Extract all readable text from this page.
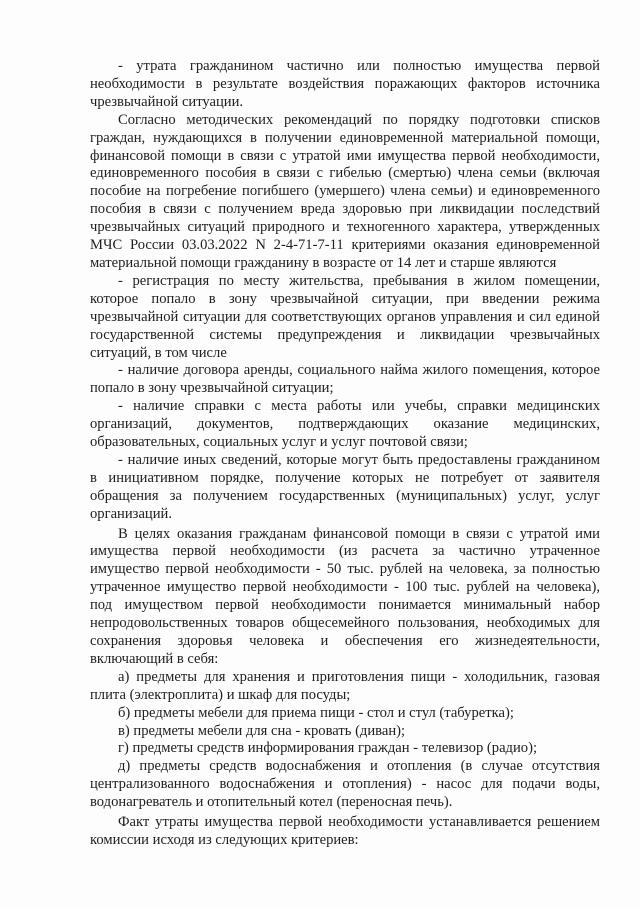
- утрата гражданином частично или полностью имущества первой необходимости в результате воздействия поражающих факторов источника чрезвычайной ситуации.

Согласно методических рекомендаций по порядку подготовки списков граждан, нуждающихся в получении единовременной материальной помощи, финансовой помощи в связи с утратой ими имущества первой необходимости, единовременного пособия в связи с гибелью (смертью) члена семьи (включая пособие на погребение погибшего (умершего) члена семьи) и единовременного пособия в связи с получением вреда здоровью при ликвидации последствий чрезвычайных ситуаций природного и техногенного характера, утвержденных МЧС России 03.03.2022 N 2-4-71-7-11 критериями оказания единовременной материальной помощи гражданину в возрасте от 14 лет и старше являются

- регистрация по месту жительства, пребывания в жилом помещении, которое попало в зону чрезвычайной ситуации, при введении режима чрезвычайной ситуации для соответствующих органов управления и сил единой государственной системы предупреждения и ликвидации чрезвычайных ситуаций, в том числе

- наличие договора аренды, социального найма жилого помещения, которое попало в зону чрезвычайной ситуации;

- наличие справки с места работы или учебы, справки медицинских организаций, документов, подтверждающих оказание медицинских, образовательных, социальных услуг и услуг почтовой связи;

- наличие иных сведений, которые могут быть предоставлены гражданином в инициативном порядке, получение которых не потребует от заявителя обращения за получением государственных (муниципальных) услуг, услуг организаций.

В целях оказания гражданам финансовой помощи в связи с утратой ими имущества первой необходимости (из расчета за частично утраченное имущество первой необходимости - 50 тыс. рублей на человека, за полностью утраченное имущество первой необходимости - 100 тыс. рублей на человека), под имуществом первой необходимости понимается минимальный набор непродовольственных товаров общесемейного пользования, необходимых для сохранения здоровья человека и обеспечения его жизнедеятельности, включающий в себя:

а) предметы для хранения и приготовления пищи - холодильник, газовая плита (электроплита) и шкаф для посуды;

б) предметы мебели для приема пищи - стол и стул (табуретка);

в) предметы мебели для сна - кровать (диван);

г) предметы средств информирования граждан - телевизор (радио);

д) предметы средств водоснабжения и отопления (в случае отсутствия централизованного водоснабжения и отопления) - насос для подачи воды, водонагреватель и отопительный котел (переносная печь).

Факт утраты имущества первой необходимости устанавливается решением комиссии исходя из следующих критериев:
